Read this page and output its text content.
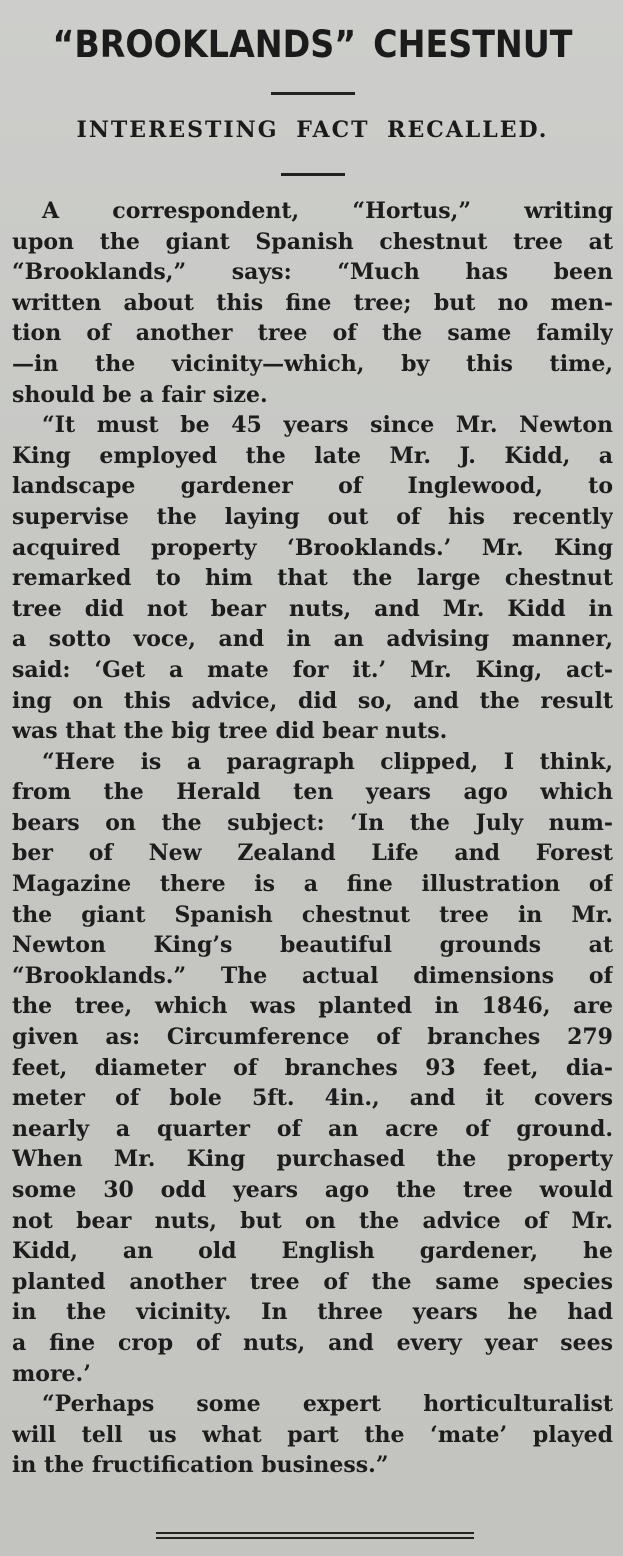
“BROOKLANDS” CHESTNUT
INTERESTING FACT RECALLED.
A correspondent, “Hortus,” writing
upon the giant Spanish chestnut tree at
“Brooklands,” says: “Much has been
written about this fine tree; but no men-
tion of another tree of the same family
—in the vicinity—which, by this time,
should be a fair size.
“It must be 45 years since Mr. Newton
King employed the late Mr. J. Kidd, a
landscape gardener of Inglewood, to
supervise the laying out of his recently
acquired property ‘Brooklands.’ Mr. King
remarked to him that the large chestnut
tree did not bear nuts, and Mr. Kidd in
a sotto voce, and in an advising manner,
said: ‘Get a mate for it.’ Mr. King, act-
ing on this advice, did so, and the result
was that the big tree did bear nuts.
“Here is a paragraph clipped, I think,
from the Herald ten years ago which
bears on the subject: ‘In the July num-
ber of New Zealand Life and Forest
Magazine there is a fine illustration of
the giant Spanish chestnut tree in Mr.
Newton King’s beautiful grounds at
“Brooklands.” The actual dimensions of
the tree, which was planted in 1846, are
given as: Circumference of branches 279
feet, diameter of branches 93 feet, dia-
meter of bole 5ft. 4in., and it covers
nearly a quarter of an acre of ground.
When Mr. King purchased the property
some 30 odd years ago the tree would
not bear nuts, but on the advice of Mr.
Kidd, an old English gardener, he
planted another tree of the same species
in the vicinity. In three years he had
a fine crop of nuts, and every year sees
more.’
“Perhaps some expert horticulturalist
will tell us what part the ‘mate’ played
in the fructification business.”
